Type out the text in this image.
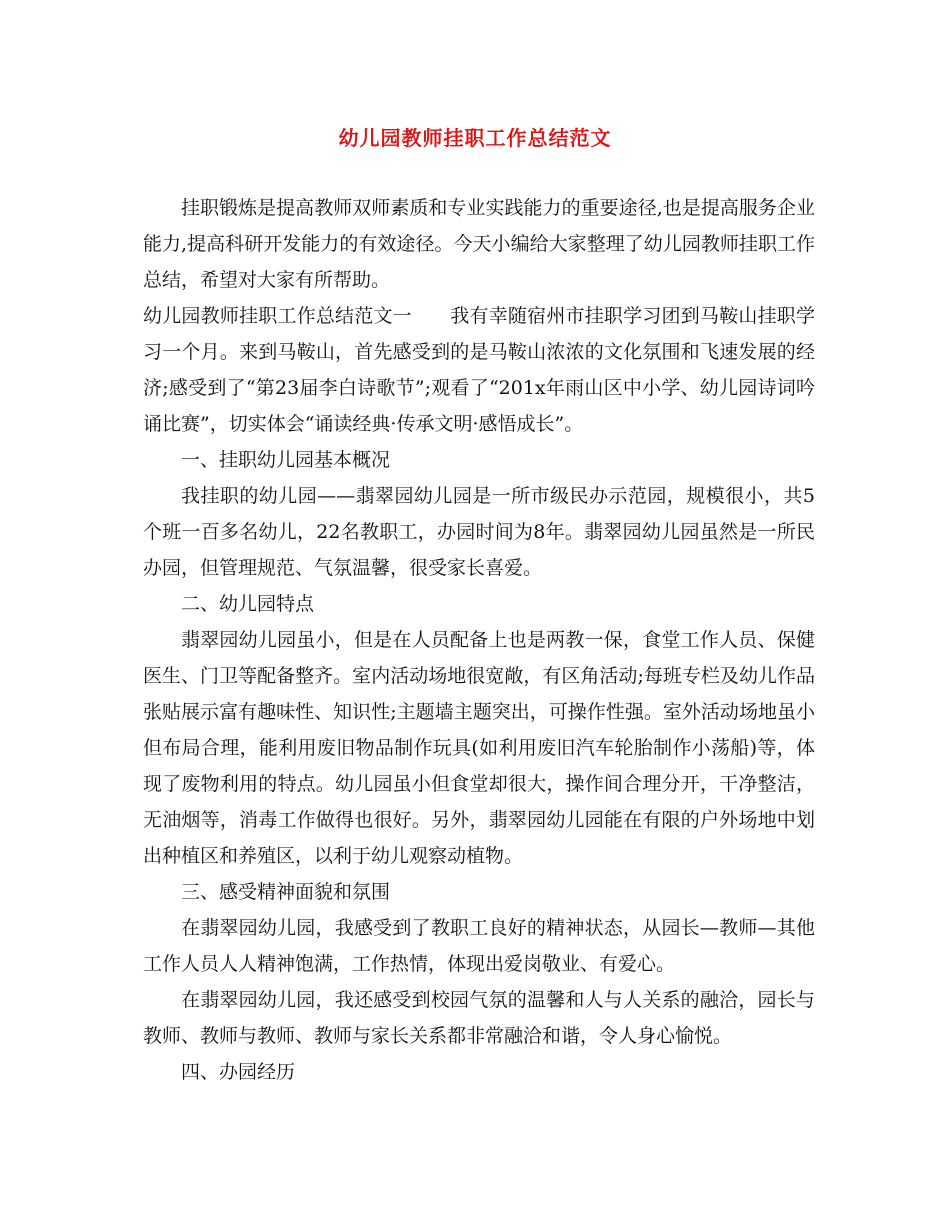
幼儿园教师挂职工作总结范文

挂职锻炼是提高教师双师素质和专业实践能力的重要途径,也是提高服务企业能力,提高科研开发能力的有效途径。今天小编给大家整理了幼儿园教师挂职工作总结，希望对大家有所帮助。

幼儿园教师挂职工作总结范文一　　我有幸随宿州市挂职学习团到马鞍山挂职学习一个月。来到马鞍山，首先感受到的是马鞍山浓浓的文化氛围和飞速发展的经济;感受到了“第23届李白诗歌节”;观看了“201x年雨山区中小学、幼儿园诗词吟诵比赛”，切实体会“诵读经典·传承文明·感悟成长”。

一、挂职幼儿园基本概况

我挂职的幼儿园——翡翠园幼儿园是一所市级民办示范园，规模很小，共5个班一百多名幼儿，22名教职工，办园时间为8年。翡翠园幼儿园虽然是一所民办园，但管理规范、气氛温馨，很受家长喜爱。

二、幼儿园特点

翡翠园幼儿园虽小，但是在人员配备上也是两教一保，食堂工作人员、保健医生、门卫等配备整齐。室内活动场地很宽敞，有区角活动;每班专栏及幼儿作品张贴展示富有趣味性、知识性;主题墙主题突出，可操作性强。室外活动场地虽小但布局合理，能利用废旧物品制作玩具(如利用废旧汽车轮胎制作小荡船)等，体现了废物利用的特点。幼儿园虽小但食堂却很大，操作间合理分开，干净整洁，无油烟等，消毒工作做得也很好。另外，翡翠园幼儿园能在有限的户外场地中划出种植区和养殖区，以利于幼儿观察动植物。

三、感受精神面貌和氛围

在翡翠园幼儿园，我感受到了教职工良好的精神状态，从园长—教师—其他工作人员人人精神饱满，工作热情，体现出爱岗敬业、有爱心。

在翡翠园幼儿园，我还感受到校园气氛的温馨和人与人关系的融洽，园长与教师、教师与教师、教师与家长关系都非常融洽和谐，令人身心愉悦。

四、办园经历
